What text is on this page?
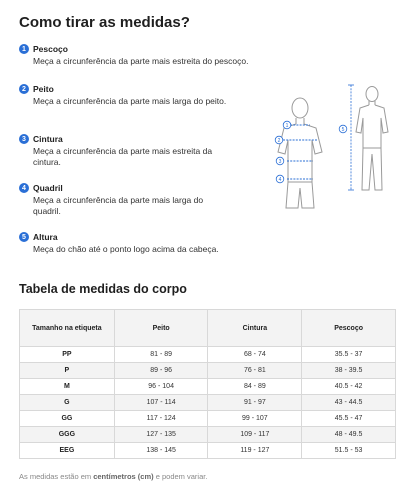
Como tirar as medidas?
1 Pescoço
Meça a circunferência da parte mais estreita do pescoço.
2 Peito
Meça a circunferência da parte mais larga do peito.
3 Cintura
Meça a circunferência da parte mais estreita da cintura.
4 Quadril
Meça a circunferência da parte mais larga do quadril.
5 Altura
Meça do chão até o ponto logo acima da cabeça.
1
2
3
4
5
Tabela de medidas do corpo
Tamanho na etiqueta	Peito	Cintura	Pescoço
PP	81 - 89	68 - 74	35.5 - 37
P	89 - 96	76 - 81	38 - 39.5
M	96 - 104	84 - 89	40.5 - 42
G	107 - 114	91 - 97	43 - 44.5
GG	117 - 124	99 - 107	45.5 - 47
GGG	127 - 135	109 - 117	48 - 49.5
EEG	138 - 145	119 - 127	51.5 - 53
As medidas estão em centímetros (cm) e podem variar.
